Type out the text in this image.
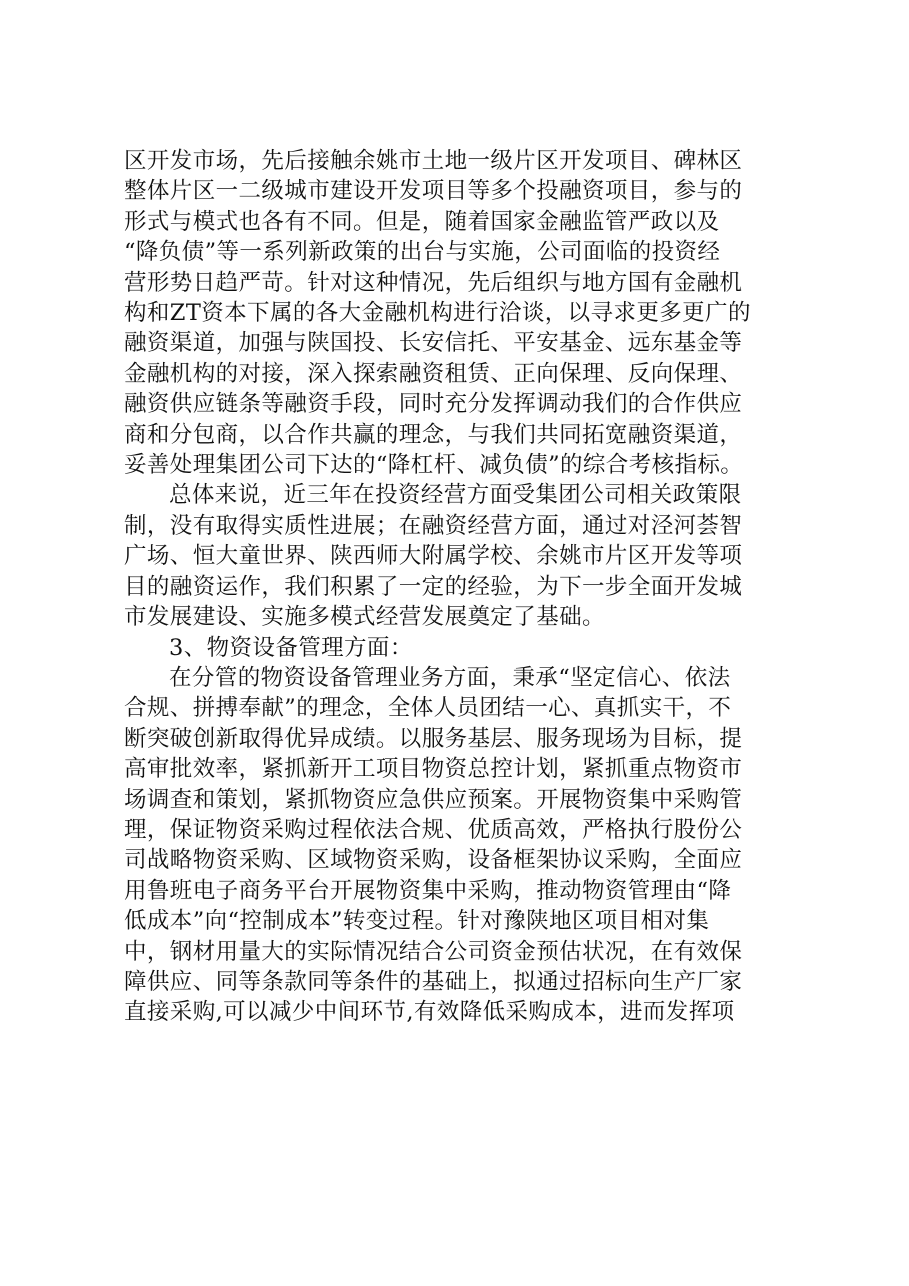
区开发市场，先后接触余姚市土地一级片区开发项目、碑林区
整体片区一二级城市建设开发项目等多个投融资项目，参与的
形式与模式也各有不同。但是，随着国家金融监管严政以及
“降负债”等一系列新政策的出台与实施，公司面临的投资经
营形势日趋严苛。针对这种情况，先后组织与地方国有金融机
构和ZT资本下属的各大金融机构进行洽谈，以寻求更多更广的
融资渠道，加强与陕国投、长安信托、平安基金、远东基金等
金融机构的对接，深入探索融资租赁、正向保理、反向保理、
融资供应链条等融资手段，同时充分发挥调动我们的合作供应
商和分包商，以合作共赢的理念，与我们共同拓宽融资渠道，
妥善处理集团公司下达的“降杠杆、减负债”的综合考核指标。
总体来说，近三年在投资经营方面受集团公司相关政策限
制，没有取得实质性进展；在融资经营方面，通过对泾河荟智
广场、恒大童世界、陕西师大附属学校、余姚市片区开发等项
目的融资运作，我们积累了一定的经验，为下一步全面开发城
市发展建设、实施多模式经营发展奠定了基础。
3、物资设备管理方面：
在分管的物资设备管理业务方面，秉承“坚定信心、依法
合规、拼搏奉献”的理念，全体人员团结一心、真抓实干，不
断突破创新取得优异成绩。以服务基层、服务现场为目标，提
高审批效率，紧抓新开工项目物资总控计划，紧抓重点物资市
场调查和策划，紧抓物资应急供应预案。开展物资集中采购管
理，保证物资采购过程依法合规、优质高效，严格执行股份公
司战略物资采购、区域物资采购，设备框架协议采购，全面应
用鲁班电子商务平台开展物资集中采购，推动物资管理由“降
低成本”向“控制成本”转变过程。针对豫陕地区项目相对集
中，钢材用量大的实际情况结合公司资金预估状况，在有效保
障供应、同等条款同等条件的基础上，拟通过招标向生产厂家
直接采购,可以减少中间环节,有效降低采购成本，进而发挥项
